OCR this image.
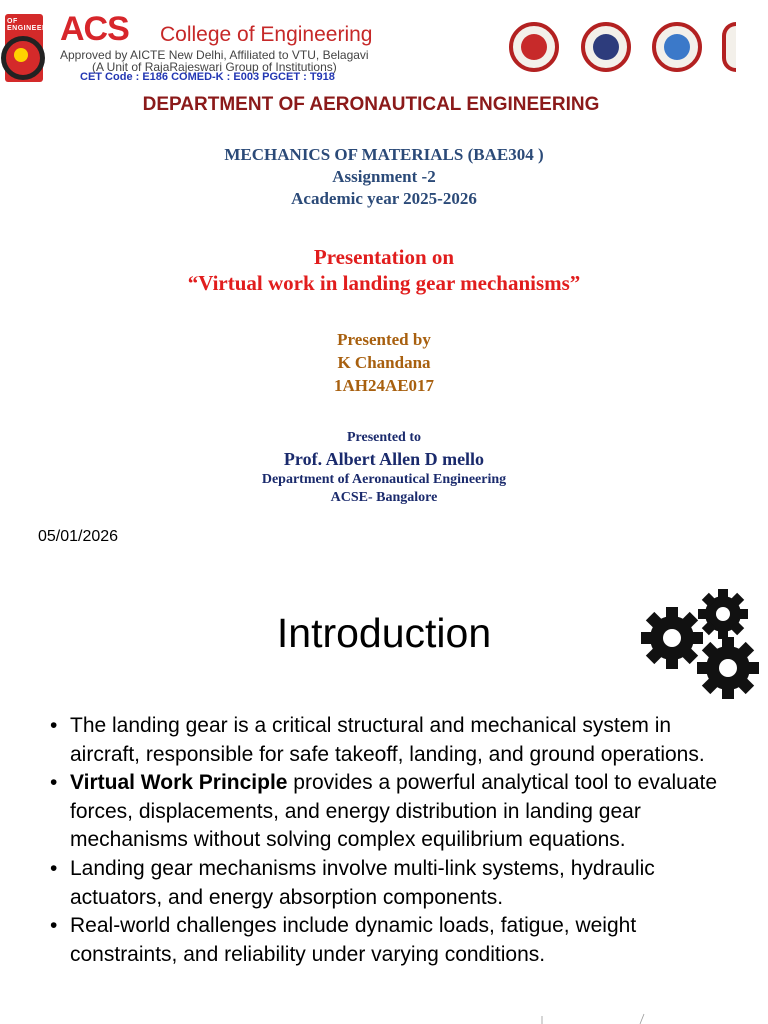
OF ENGINEERING
ACS College of Engineering
Approved by AICTE New Delhi, Affiliated to VTU, Belagavi
(A Unit of RajaRajeswari Group of Institutions)
CET Code : E186 COMED-K : E003 PGCET : T918
DEPARTMENT OF AERONAUTICAL ENGINEERING
MECHANICS OF MATERIALS (BAE304 )
Assignment -2
Academic year 2025-2026
Presentation on
“Virtual work in landing gear mechanisms”
Presented by
K Chandana
1AH24AE017
Presented to
Prof. Albert Allen D mello
Department of Aeronautical Engineering
ACSE- Bangalore
05/01/2026
Introduction
• The landing gear is a critical structural and mechanical system in aircraft, responsible for safe takeoff, landing, and ground operations.
• Virtual Work Principle provides a powerful analytical tool to evaluate forces, displacements, and energy distribution in landing gear mechanisms without solving complex equilibrium equations.
• Landing gear mechanisms involve multi-link systems, hydraulic actuators, and energy absorption components.
• Real-world challenges include dynamic loads, fatigue, weight constraints, and reliability under varying conditions.
